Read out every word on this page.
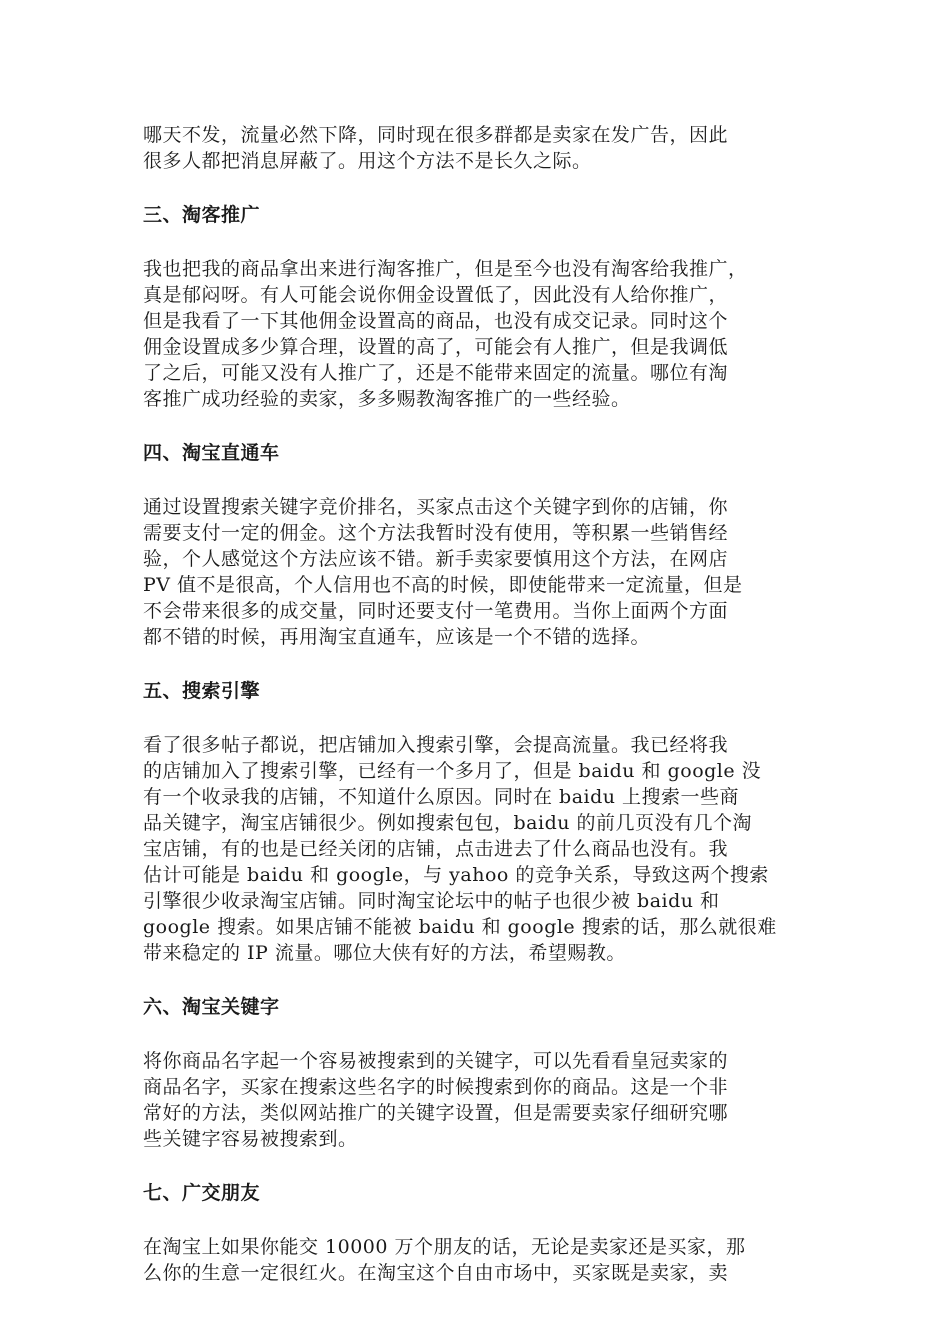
哪天不发，流量必然下降，同时现在很多群都是卖家在发广告，因此
很多人都把消息屏蔽了。用这个方法不是长久之际。

三、淘客推广

我也把我的商品拿出来进行淘客推广，但是至今也没有淘客给我推广，
真是郁闷呀。有人可能会说你佣金设置低了，因此没有人给你推广，
但是我看了一下其他佣金设置高的商品，也没有成交记录。同时这个
佣金设置成多少算合理，设置的高了，可能会有人推广，但是我调低
了之后，可能又没有人推广了，还是不能带来固定的流量。哪位有淘
客推广成功经验的卖家，多多赐教淘客推广的一些经验。

四、淘宝直通车

通过设置搜索关键字竞价排名，买家点击这个关键字到你的店铺，你
需要支付一定的佣金。这个方法我暂时没有使用，等积累一些销售经
验，个人感觉这个方法应该不错。新手卖家要慎用这个方法，在网店
PV 值不是很高，个人信用也不高的时候，即使能带来一定流量，但是
不会带来很多的成交量，同时还要支付一笔费用。当你上面两个方面
都不错的时候，再用淘宝直通车，应该是一个不错的选择。

五、搜索引擎

看了很多帖子都说，把店铺加入搜索引擎，会提高流量。我已经将我
的店铺加入了搜索引擎，已经有一个多月了，但是 baidu 和 google 没
有一个收录我的店铺，不知道什么原因。同时在 baidu 上搜索一些商
品关键字，淘宝店铺很少。例如搜索包包，baidu 的前几页没有几个淘
宝店铺，有的也是已经关闭的店铺，点击进去了什么商品也没有。我
估计可能是 baidu 和 google，与 yahoo 的竞争关系，导致这两个搜索
引擎很少收录淘宝店铺。同时淘宝论坛中的帖子也很少被 baidu 和
google 搜索。如果店铺不能被 baidu 和 google 搜索的话，那么就很难
带来稳定的 IP 流量。哪位大侠有好的方法，希望赐教。

六、淘宝关键字

将你商品名字起一个容易被搜索到的关键字，可以先看看皇冠卖家的
商品名字，买家在搜索这些名字的时候搜索到你的商品。这是一个非
常好的方法，类似网站推广的关键字设置，但是需要卖家仔细研究哪
些关键字容易被搜索到。

七、广交朋友

在淘宝上如果你能交 10000 万个朋友的话，无论是卖家还是买家，那
么你的生意一定很红火。在淘宝这个自由市场中，买家既是卖家，卖
